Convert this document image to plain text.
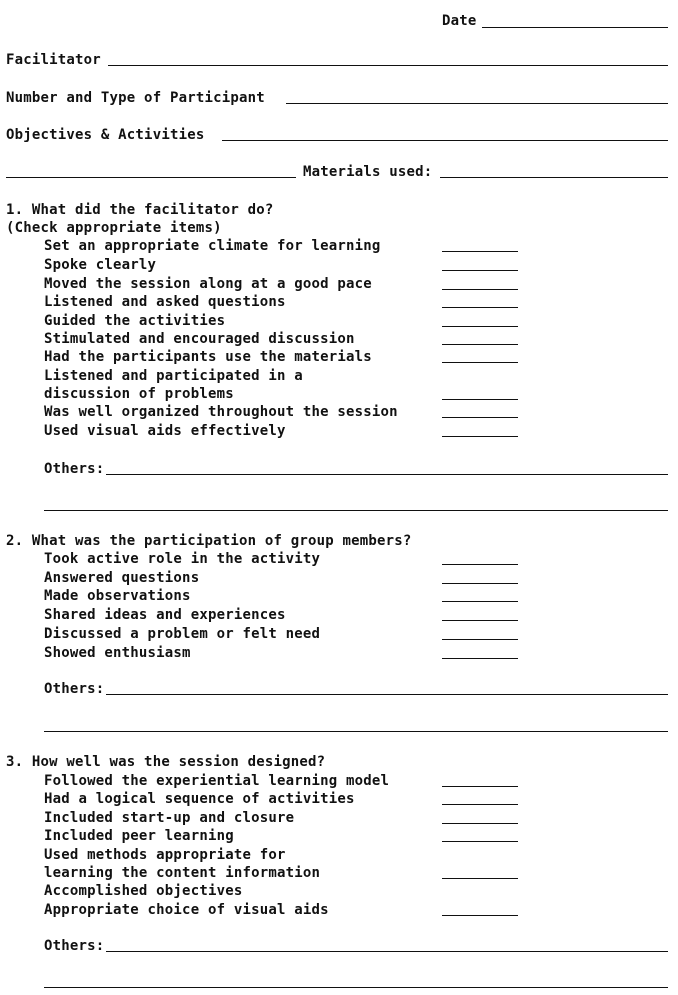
Date
Facilitator
Number and Type of Participant
Objectives & Activities
Materials used:
1. What did the facilitator do?
(Check appropriate items)
Set an appropriate climate for learning
Spoke clearly
Moved the session along at a good pace
Listened and asked questions
Guided the activities
Stimulated and encouraged discussion
Had the participants use the materials
Listened and participated in a
discussion of problems
Was well organized throughout the session
Used visual aids effectively
Others:
2. What was the participation of group members?
Took active role in the activity
Answered questions
Made observations
Shared ideas and experiences
Discussed a problem or felt need
Showed enthusiasm
Others:
3. How well was the session designed?
Followed the experiential learning model
Had a logical sequence of activities
Included start-up and closure
Included peer learning
Used methods appropriate for
learning the content information
Accomplished objectives
Appropriate choice of visual aids
Others:
